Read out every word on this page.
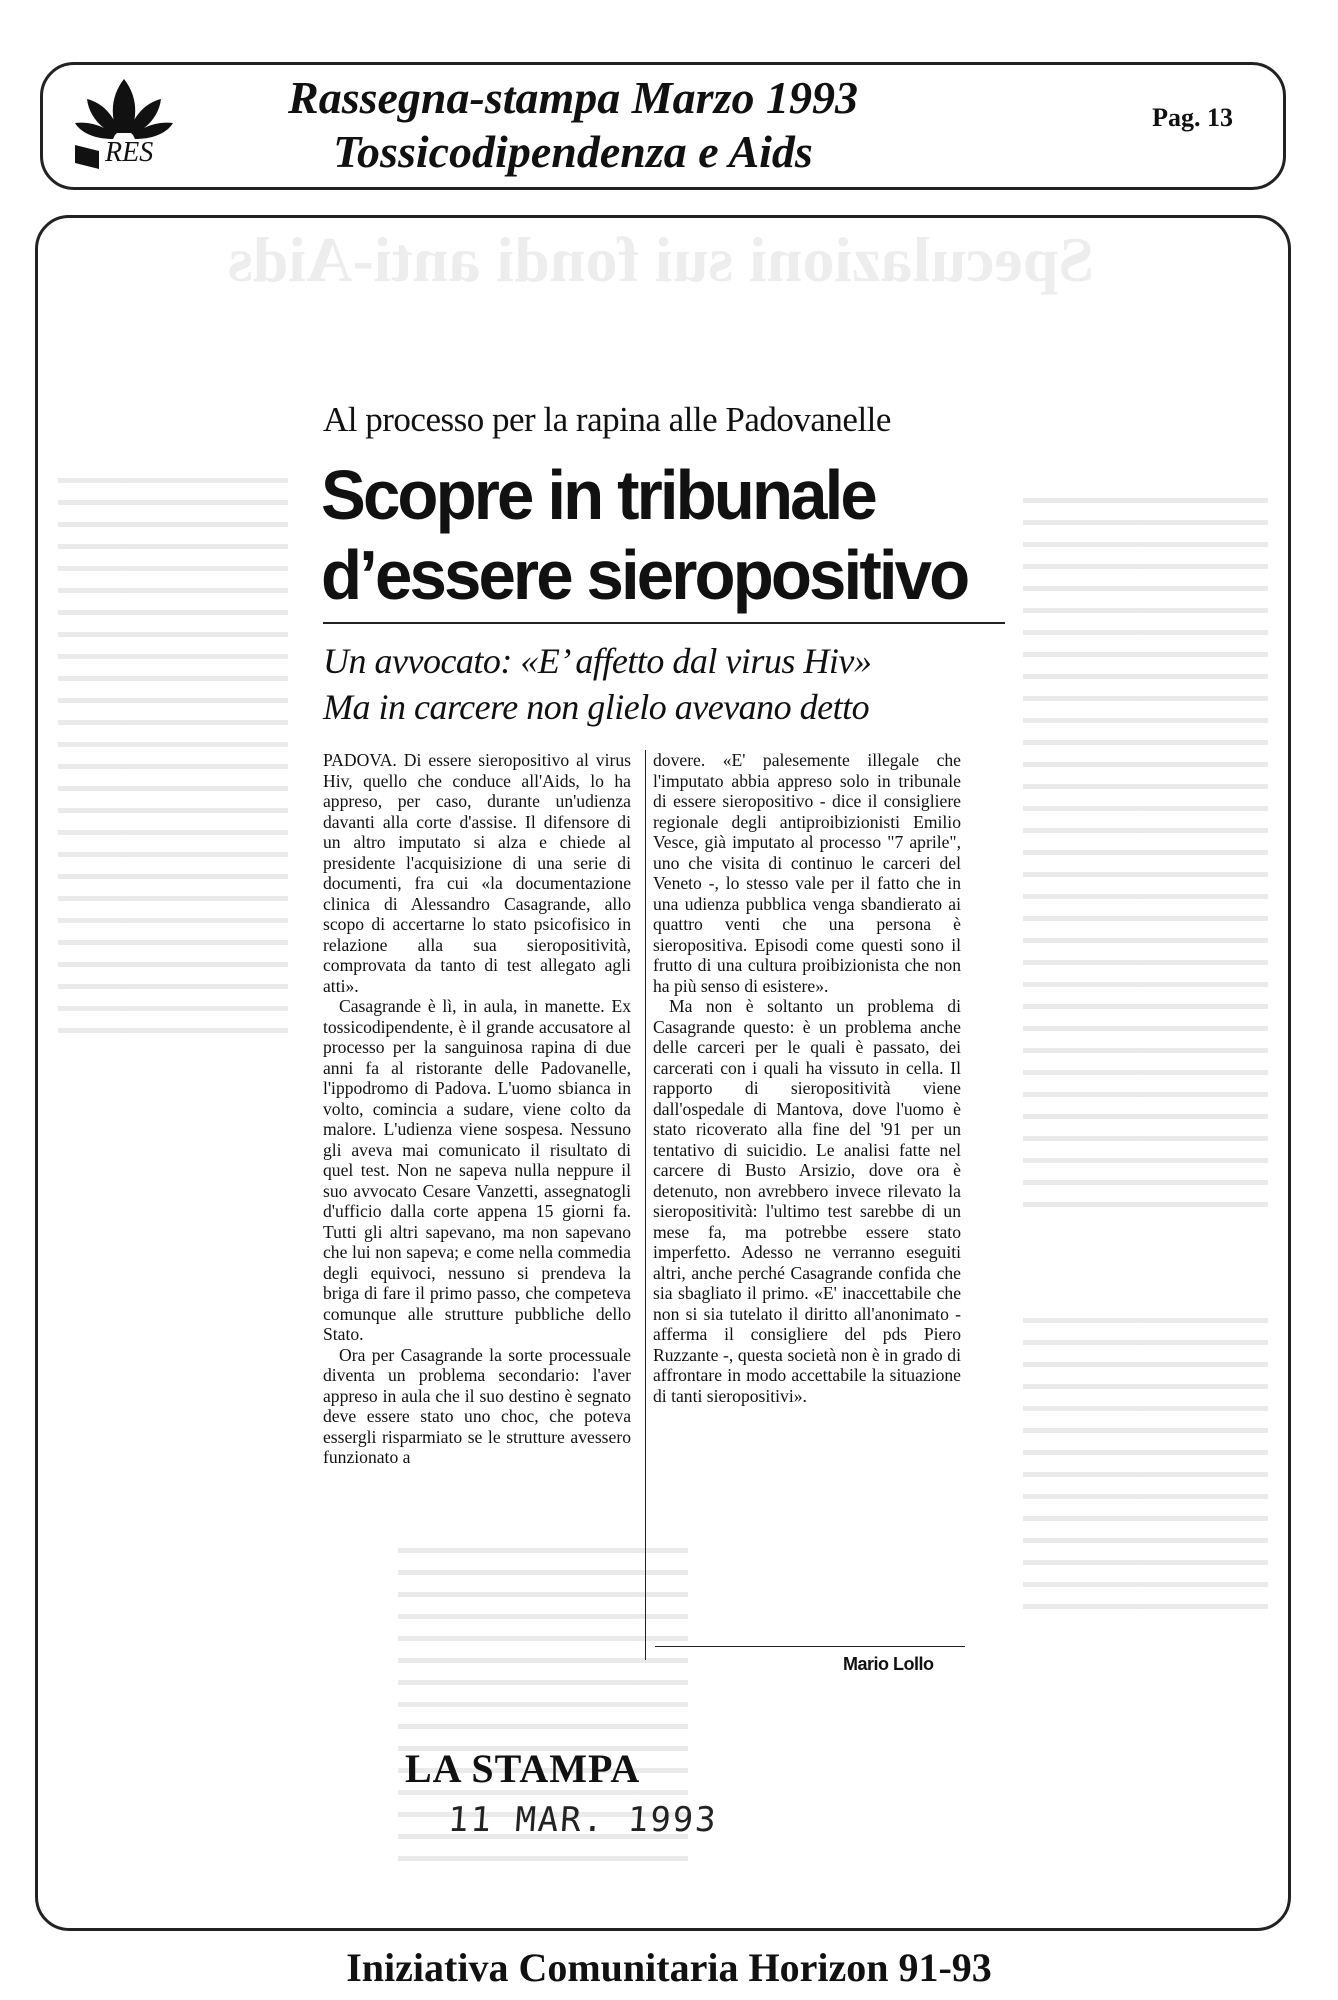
RES
Rassegna-stampa Marzo 1993
Tossicodipendenza e Aids
Pag. 13
Speculazioni sui fondi anti-Aids
Al processo per la rapina alle Padovanelle
Scopre in tribunale
d’essere sieropositivo
Un avvocato: «E’ affetto dal virus Hiv»
Ma in carcere non glielo avevano detto

PADOVA. Di essere sieropositivo al virus Hiv, quello che conduce all'Aids, lo ha appreso, per caso, durante un'udienza davanti alla corte d'assise. Il difensore di un altro imputato si alza e chiede al presidente l'acquisizione di una serie di documenti, fra cui «la documentazione clinica di Alessandro Casagrande, allo scopo di accertarne lo stato psicofisico in relazione alla sua sieropositività, comprovata da tanto di test allegato agli atti».

Casagrande è lì, in aula, in manette. Ex tossicodipendente, è il grande accusatore al processo per la sanguinosa rapina di due anni fa al ristorante delle Padovanelle, l'ippodromo di Padova. L'uomo sbianca in volto, comincia a sudare, viene colto da malore. L'udienza viene sospesa. Nessuno gli aveva mai comunicato il risultato di quel test. Non ne sapeva nulla neppure il suo avvocato Cesare Vanzetti, assegnatogli d'ufficio dalla corte appena 15 giorni fa. Tutti gli altri sapevano, ma non sapevano che lui non sapeva; e come nella commedia degli equivoci, nessuno si prendeva la briga di fare il primo passo, che competeva comunque alle strutture pubbliche dello Stato.

Ora per Casagrande la sorte processuale diventa un problema secondario: l'aver appreso in aula che il suo destino è segnato deve essere stato uno choc, che poteva essergli risparmiato se le strutture avessero funzionato a

dovere. «E' palesemente illegale che l'imputato abbia appreso solo in tribunale di essere sieropositivo - dice il consigliere regionale degli antiproibizionisti Emilio Vesce, già imputato al processo "7 aprile", uno che visita di continuo le carceri del Veneto -, lo stesso vale per il fatto che in una udienza pubblica venga sbandierato ai quattro venti che una persona è sieropositiva. Episodi come questi sono il frutto di una cultura proibizionista che non ha più senso di esistere».

Ma non è soltanto un problema di Casagrande questo: è un problema anche delle carceri per le quali è passato, dei carcerati con i quali ha vissuto in cella. Il rapporto di sieropositività viene dall'ospedale di Mantova, dove l'uomo è stato ricoverato alla fine del '91 per un tentativo di suicidio. Le analisi fatte nel carcere di Busto Arsizio, dove ora è detenuto, non avrebbero invece rilevato la sieropositività: l'ultimo test sarebbe di un mese fa, ma potrebbe essere stato imperfetto. Adesso ne verranno eseguiti altri, anche perché Casagrande confida che sia sbagliato il primo. «E' inaccettabile che non si sia tutelato il diritto all'anonimato - afferma il consigliere del pds Piero Ruzzante -, questa società non è in grado di affrontare in modo accettabile la situazione di tanti sieropositivi».

Mario Lollo
LA STAMPA
11 MAR. 1993
Iniziativa Comunitaria Horizon 91-93
